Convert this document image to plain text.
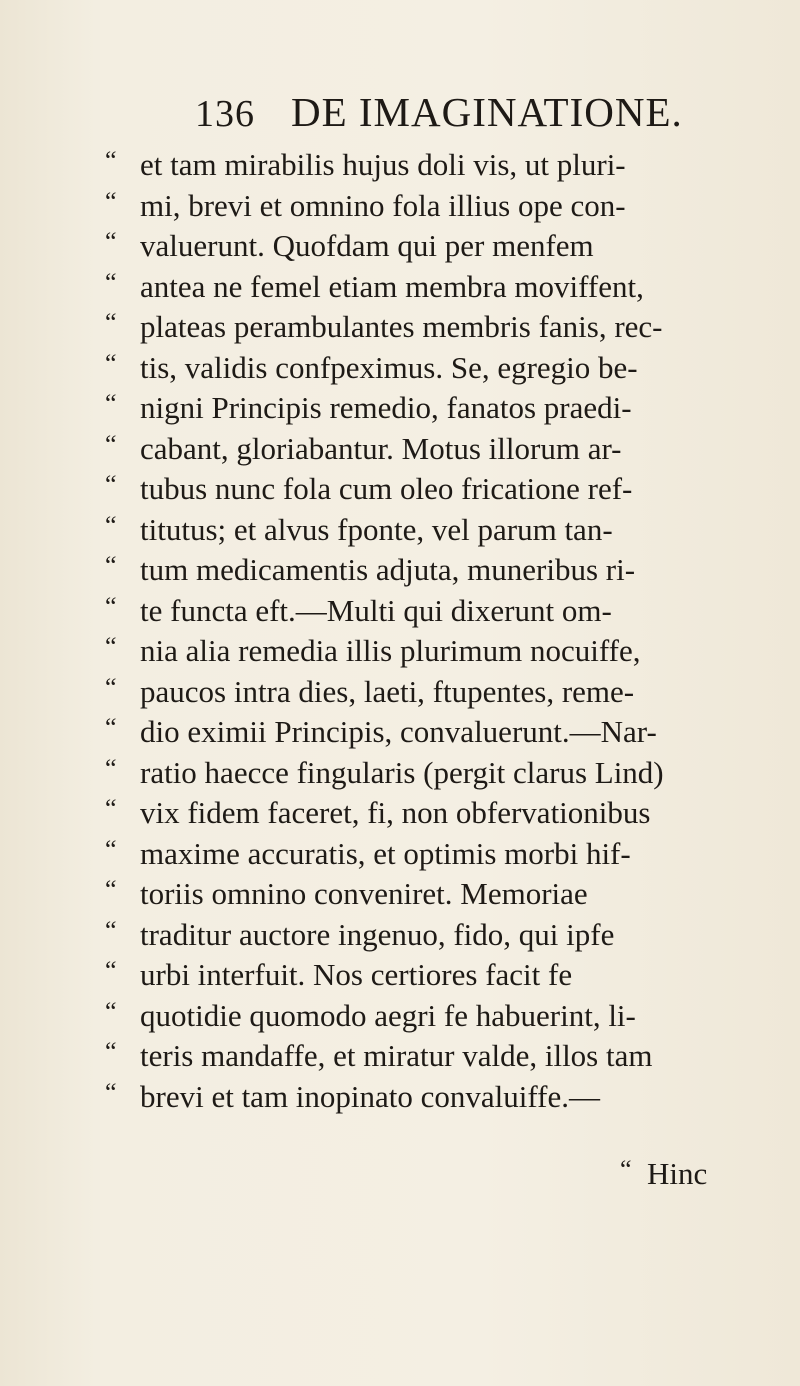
136 DE IMAGINATIONE.
“ et tam mirabilis hujus doli vis, ut pluri-
“ mi, brevi et omnino fola illius ope con-
“ valuerunt. Quofdam qui per menfem
“ antea ne femel etiam membra moviffent,
“ plateas perambulantes membris fanis, rec-
“ tis, validis confpeximus. Se, egregio be-
“ nigni Principis remedio, fanatos praedi-
“ cabant, gloriabantur. Motus illorum ar-
“ tubus nunc fola cum oleo fricatione ref-
“ titutus; et alvus fponte, vel parum tan-
“ tum medicamentis adjuta, muneribus ri-
“ te functa eft.—Multi qui dixerunt om-
“ nia alia remedia illis plurimum nocuiffe,
“ paucos intra dies, laeti, ftupentes, reme-
“ dio eximii Principis, convaluerunt.—Nar-
“ ratio haecce fingularis (pergit clarus Lind)
“ vix fidem faceret, fi, non obfervationibus
“ maxime accuratis, et optimis morbi hif-
“ toriis omnino conveniret. Memoriae
“ traditur auctore ingenuo, fido, qui ipfe
“ urbi interfuit. Nos certiores facit fe
“ quotidie quomodo aegri fe habuerint, li-
“ teris mandaffe, et miratur valde, illos tam
“ brevi et tam inopinato convaluiffe.—
“ Hinc
